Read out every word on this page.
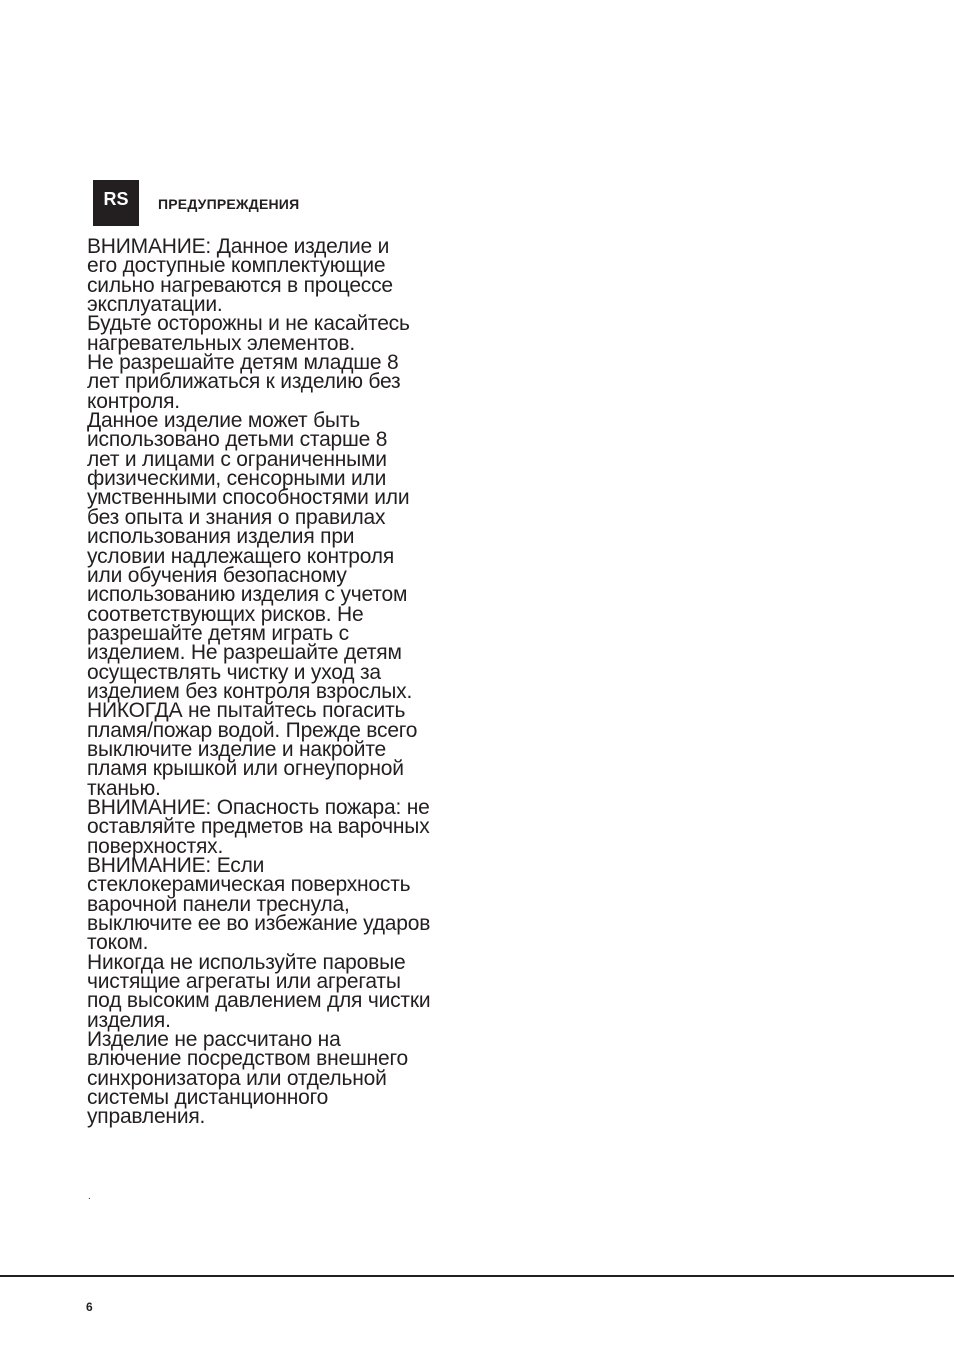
RS	ПРЕДУПРЕЖДЕНИЯ
ВНИМАНИЕ: Данное изделие и
его доступные комплектующие
сильно нагреваются в процессе
эксплуатации.
Будьте осторожны и не касайтесь
нагревательных элементов.
Не разрешайте детям младше 8
лет приближаться к изделию без
контроля.
Данное изделие может быть
использовано детьми старше 8
лет и лицами с ограниченными
физическими, сенсорными или
умственными способностями или
без опыта и знания о правилах
использования изделия при
условии надлежащего контроля
или обучения безопасному
использованию изделия с учетом
соответствующих рисков. Не
разрешайте детям играть с
изделием. Не разрешайте детям
осуществлять чистку и уход за
изделием без контроля взрослых.
НИКОГДА не пытайтесь погасить
пламя/пожар водой. Прежде всего
выключите изделие и накройте
пламя крышкой или огнеупорной
тканью.
ВНИМАНИЕ: Опасность пожара: не
оставляйте предметов на варочных
поверхностях.
ВНИМАНИЕ: Если
стеклокерамическая поверхность
варочной панели треснула,
выключите ее во избежание ударов
током.
Никогда не используйте паровые
чистящие агрегаты или агрегаты
под высоким давлением для чистки
изделия.
Изделие не рассчитано на
влючение посредством внешнего
синхронизатора или отдельной
системы дистанционного
управления.
.
6
